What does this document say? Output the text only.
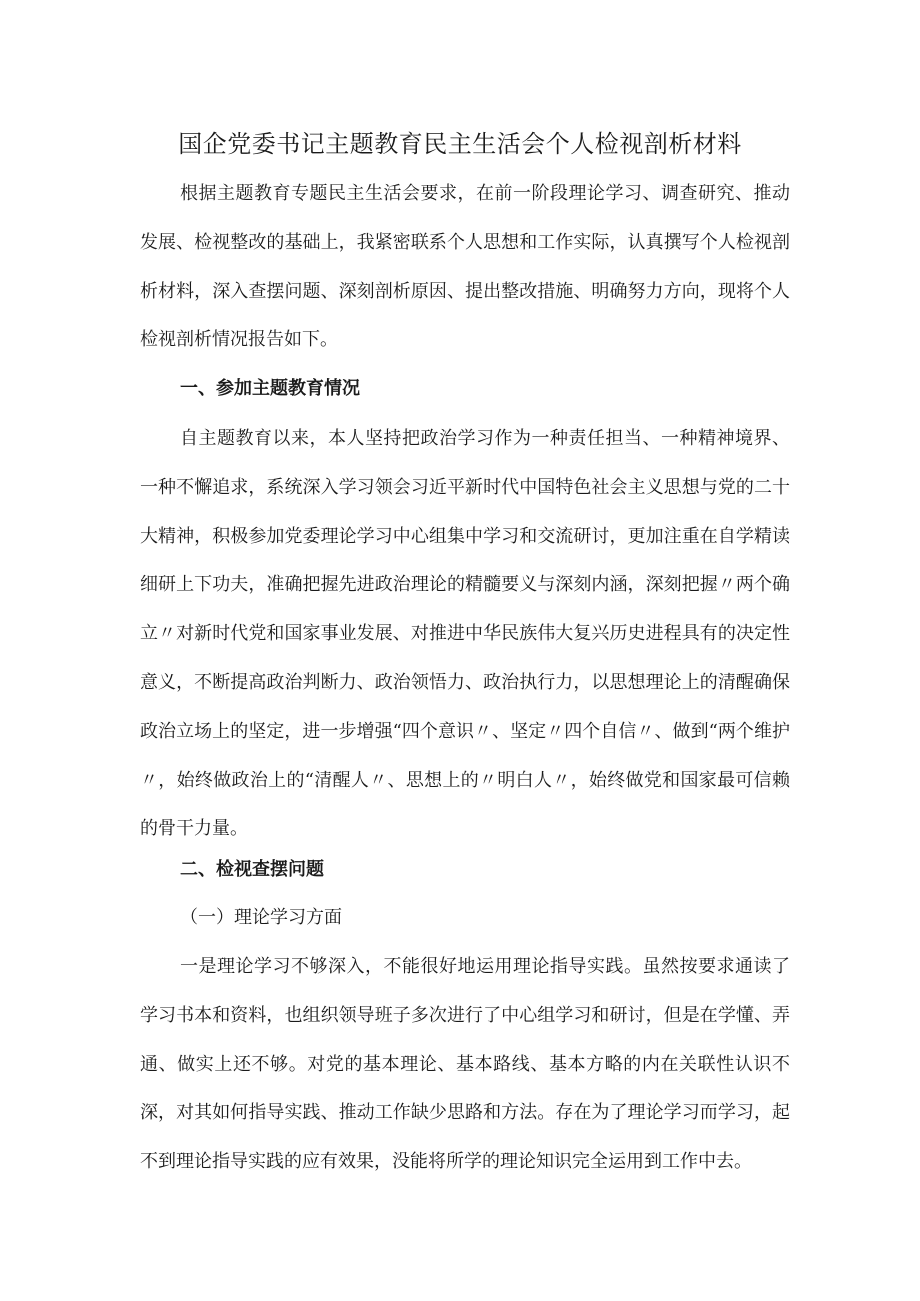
国企党委书记主题教育民主生活会个人检视剖析材料

根据主题教育专题民主生活会要求，在前一阶段理论学习、调查研究、推动发展、检视整改的基础上，我紧密联系个人思想和工作实际，认真撰写个人检视剖析材料，深入查摆问题、深刻剖析原因、提出整改措施、明确努力方向，现将个人检视剖析情况报告如下。

一、参加主题教育情况

自主题教育以来，本人坚持把政治学习作为一种责任担当、一种精神境界、一种不懈追求，系统深入学习领会习近平新时代中国特色社会主义思想与党的二十大精神，积极参加党委理论学习中心组集中学习和交流研讨，更加注重在自学精读细研上下功夫，准确把握先进政治理论的精髓要义与深刻内涵，深刻把握〃两个确立〃对新时代党和国家事业发展、对推进中华民族伟大复兴历史进程具有的决定性意义，不断提高政治判断力、政治领悟力、政治执行力，以思想理论上的清醒确保政治立场上的坚定，进一步增强“四个意识〃、坚定〃四个自信〃、做到“两个维护〃，始终做政治上的“清醒人〃、思想上的〃明白人〃，始终做党和国家最可信赖的骨干力量。

二、检视查摆问题
（一）理论学习方面

一是理论学习不够深入，不能很好地运用理论指导实践。虽然按要求通读了学习书本和资料，也组织领导班子多次进行了中心组学习和研讨，但是在学懂、弄通、做实上还不够。对党的基本理论、基本路线、基本方略的内在关联性认识不深，对其如何指导实践、推动工作缺少思路和方法。存在为了理论学习而学习，起不到理论指导实践的应有效果，没能将所学的理论知识完全运用到工作中去。
